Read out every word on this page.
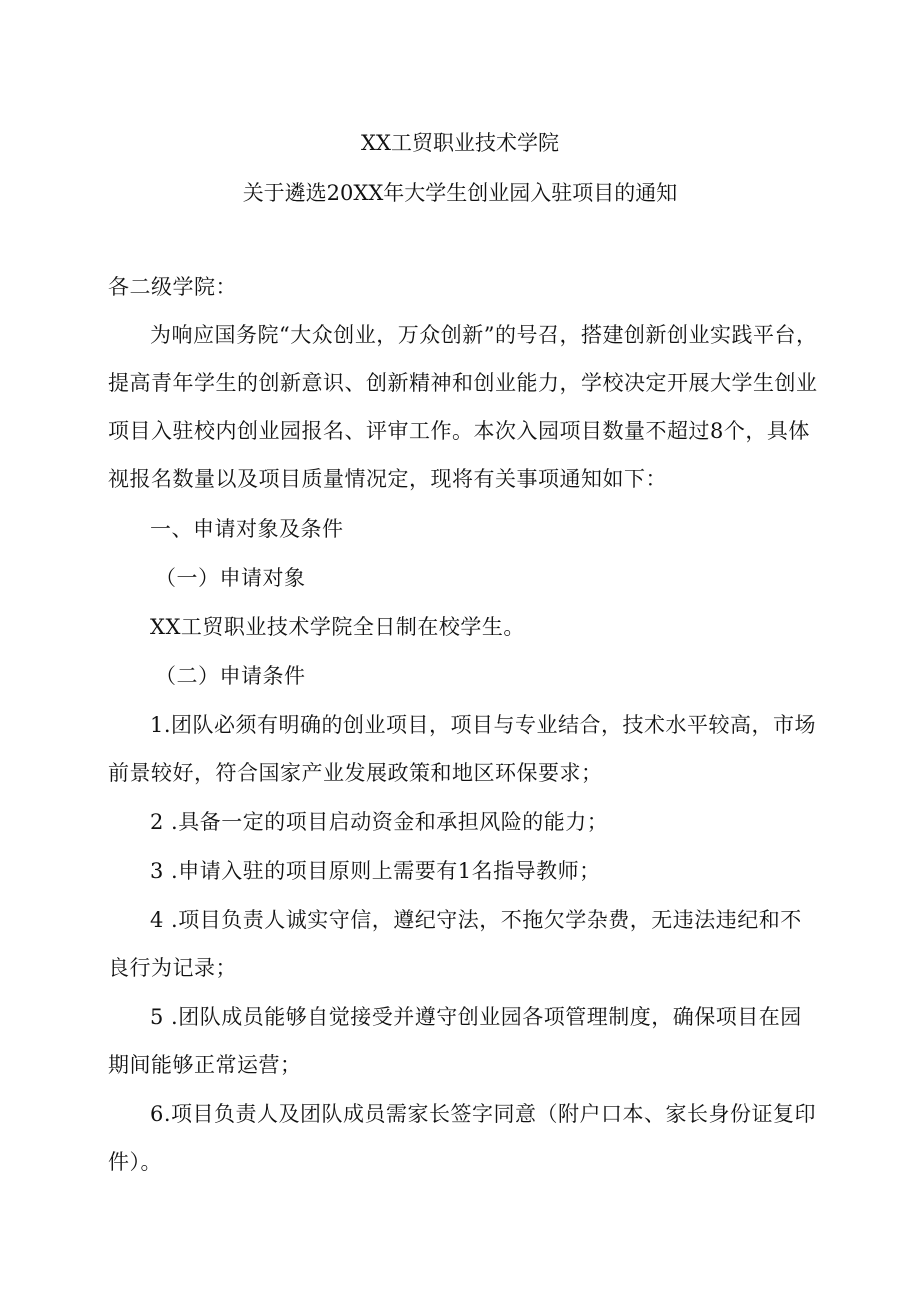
XX工贸职业技术学院
关于遴选20XX年大学生创业园入驻项目的通知
各二级学院：
为响应国务院“大众创业，万众创新”的号召，搭建创新创业实践平台，
提高青年学生的创新意识、创新精神和创业能力，学校决定开展大学生创业
项目入驻校内创业园报名、评审工作。本次入园项目数量不超过8个，具体
视报名数量以及项目质量情况定，现将有关事项通知如下：
一、申请对象及条件
（一）申请对象
XX工贸职业技术学院全日制在校学生。
（二）申请条件
1.团队必须有明确的创业项目，项目与专业结合，技术水平较高，市场
前景较好，符合国家产业发展政策和地区环保要求；
2 .具备一定的项目启动资金和承担风险的能力；
3 .申请入驻的项目原则上需要有1名指导教师；
4 .项目负责人诚实守信，遵纪守法，不拖欠学杂费，无违法违纪和不
良行为记录；
5 .团队成员能够自觉接受并遵守创业园各项管理制度，确保项目在园
期间能够正常运营；
6.项目负责人及团队成员需家长签字同意（附户口本、家长身份证复印
件）。
